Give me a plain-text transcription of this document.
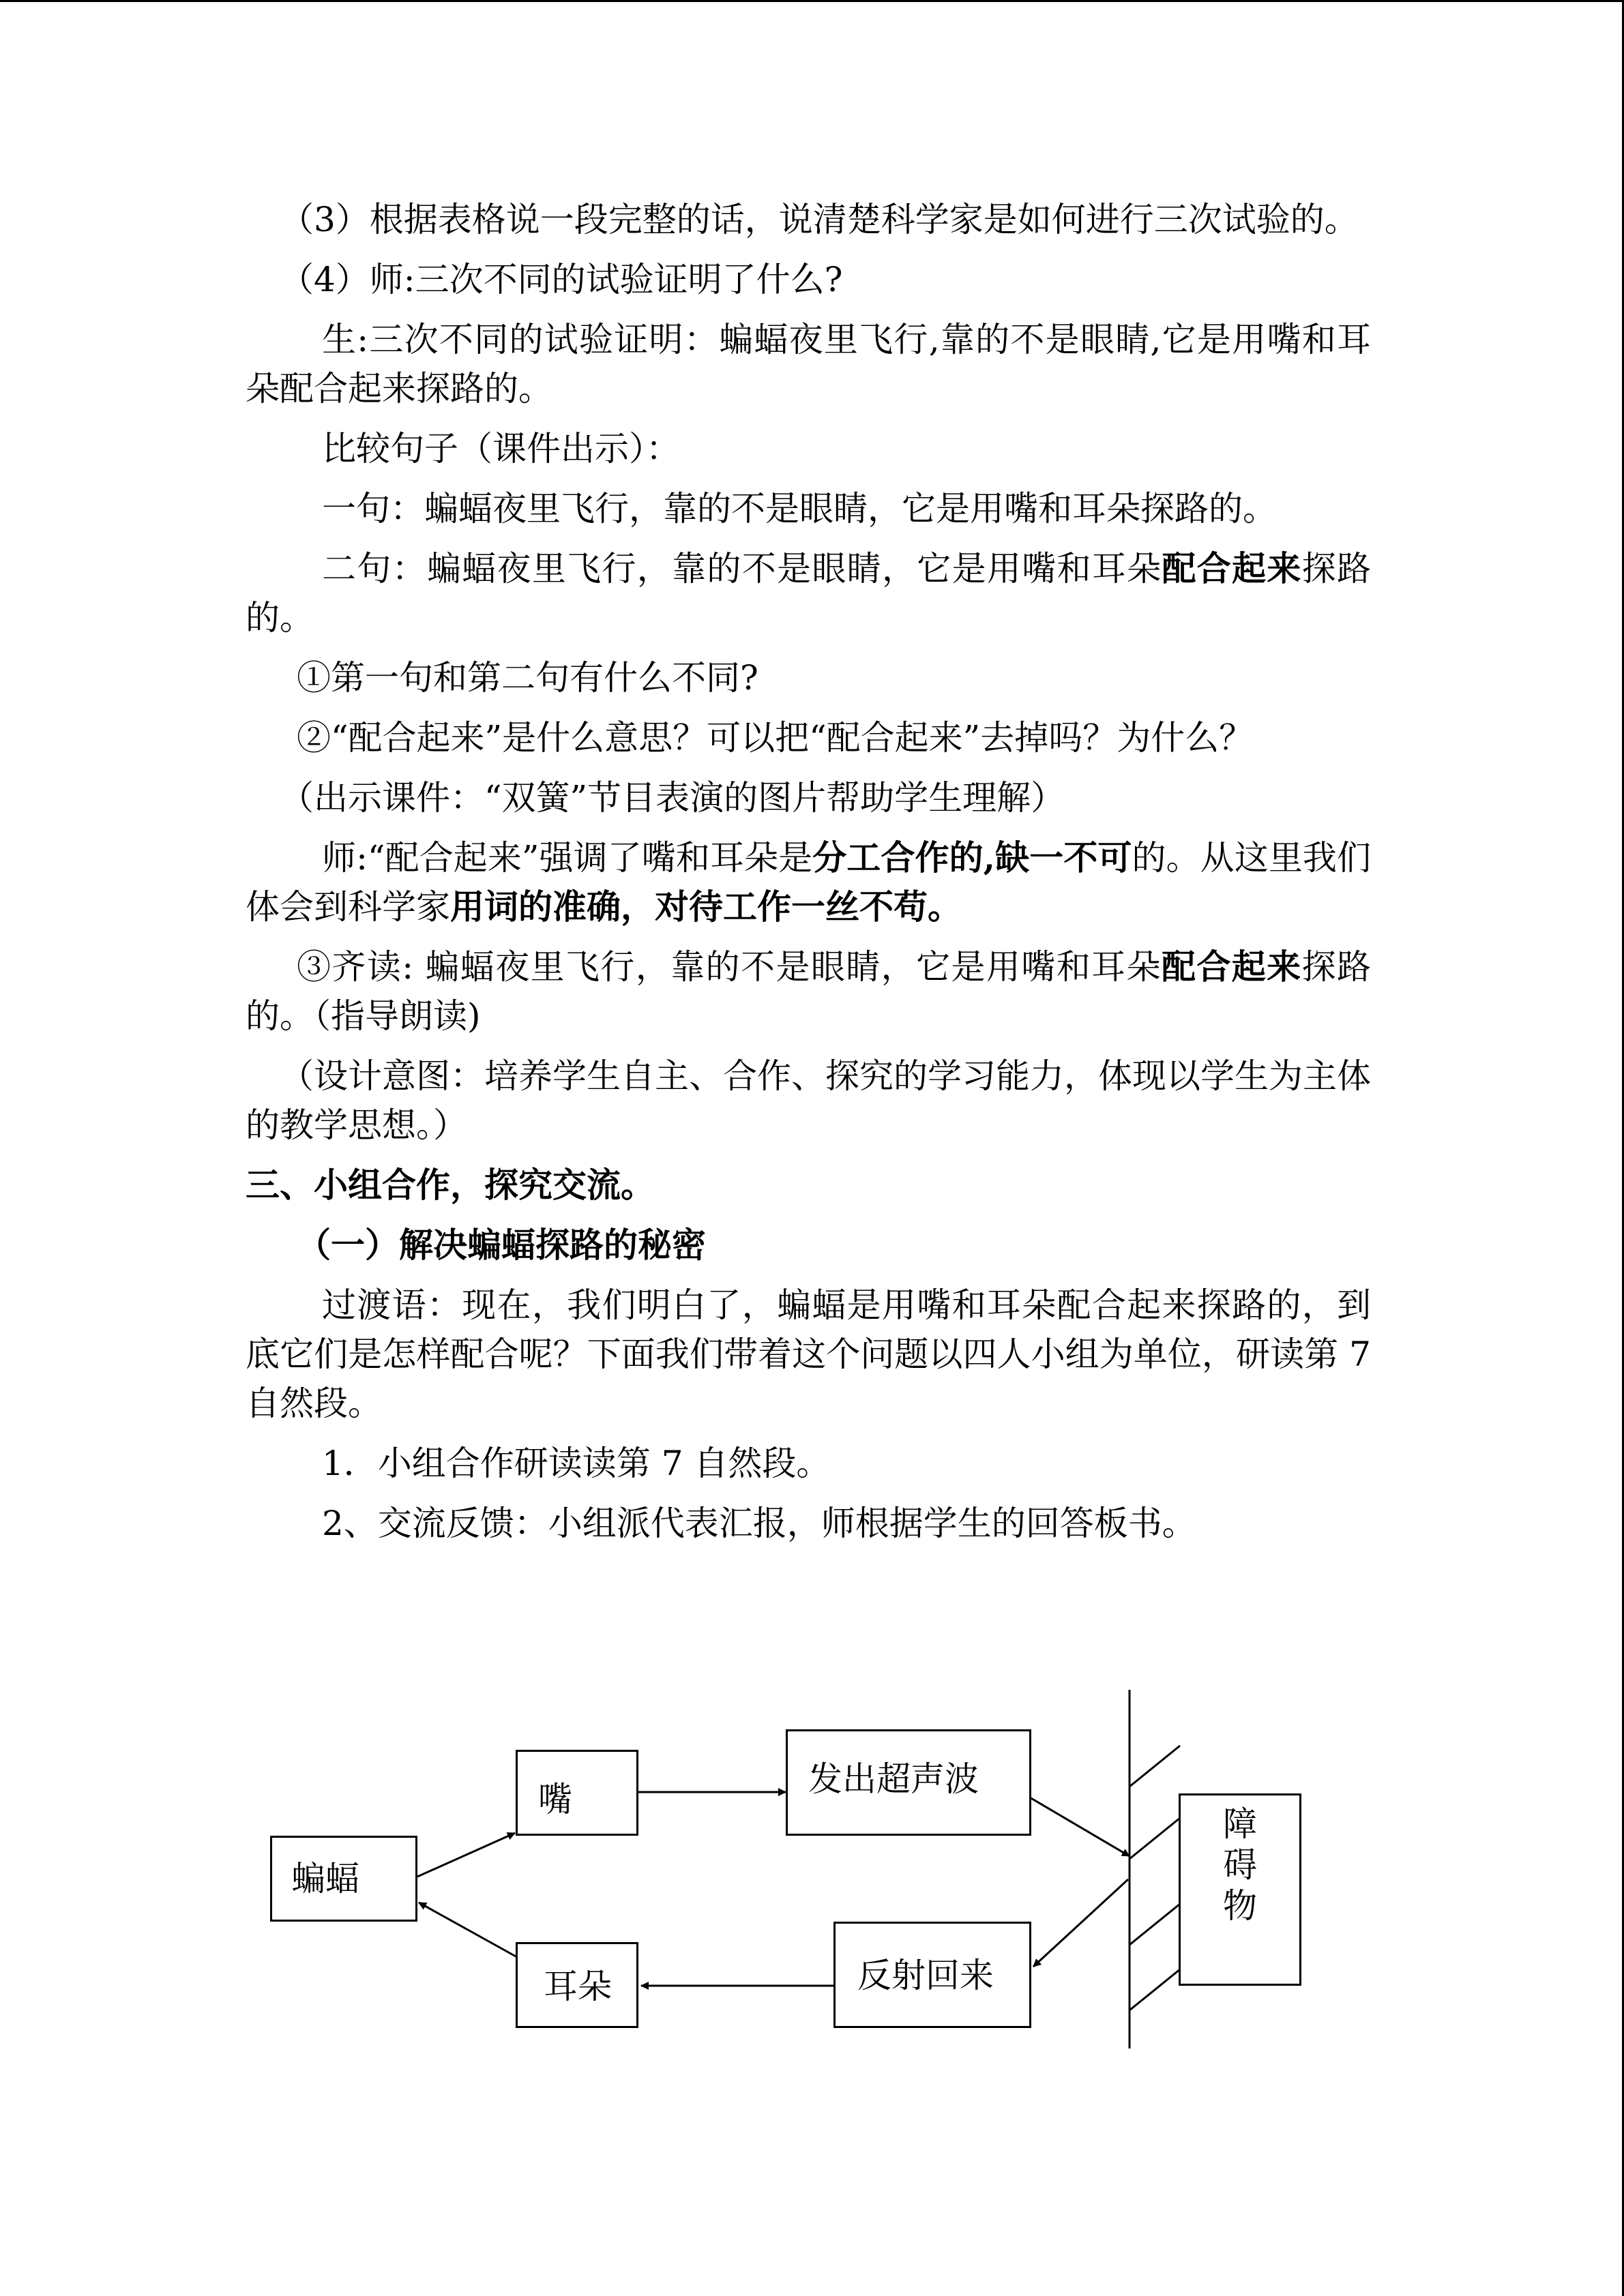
（3）根据表格说一段完整的话，说清楚科学家是如何进行三次试验的。

（4）师:三次不同的试验证明了什么?

生:三次不同的试验证明：蝙蝠夜里飞行,靠的不是眼睛,它是用嘴和耳朵配合起来探路的。

比较句子（课件出示）：

一句：蝙蝠夜里飞行，靠的不是眼睛，它是用嘴和耳朵探路的。

二句：蝙蝠夜里飞行，靠的不是眼睛，它是用嘴和耳朵配合起来探路的。

①第一句和第二句有什么不同?

②“配合起来”是什么意思？可以把“配合起来”去掉吗？为什么？

（出示课件：“双簧”节目表演的图片帮助学生理解）

师:“配合起来”强调了嘴和耳朵是分工合作的,缺一不可的。从这里我们体会到科学家用词的准确，对待工作一丝不苟。

③齐读: 蝙蝠夜里飞行，靠的不是眼睛，它是用嘴和耳朵配合起来探路的。（指导朗读)

（设计意图：培养学生自主、合作、探究的学习能力，体现以学生为主体的教学思想。）

三、小组合作，探究交流。

（一）解决蝙蝠探路的秘密

过渡语：现在，我们明白了，蝙蝠是用嘴和耳朵配合起来探路的，到底它们是怎样配合呢？下面我们带着这个问题以四人小组为单位，研读第 7 自然段。

1．小组合作研读读第 7 自然段。

2、交流反馈：小组派代表汇报，师根据学生的回答板书。

蝙蝠
嘴
发出超声波
障
碍
物
反射回来
耳朵
